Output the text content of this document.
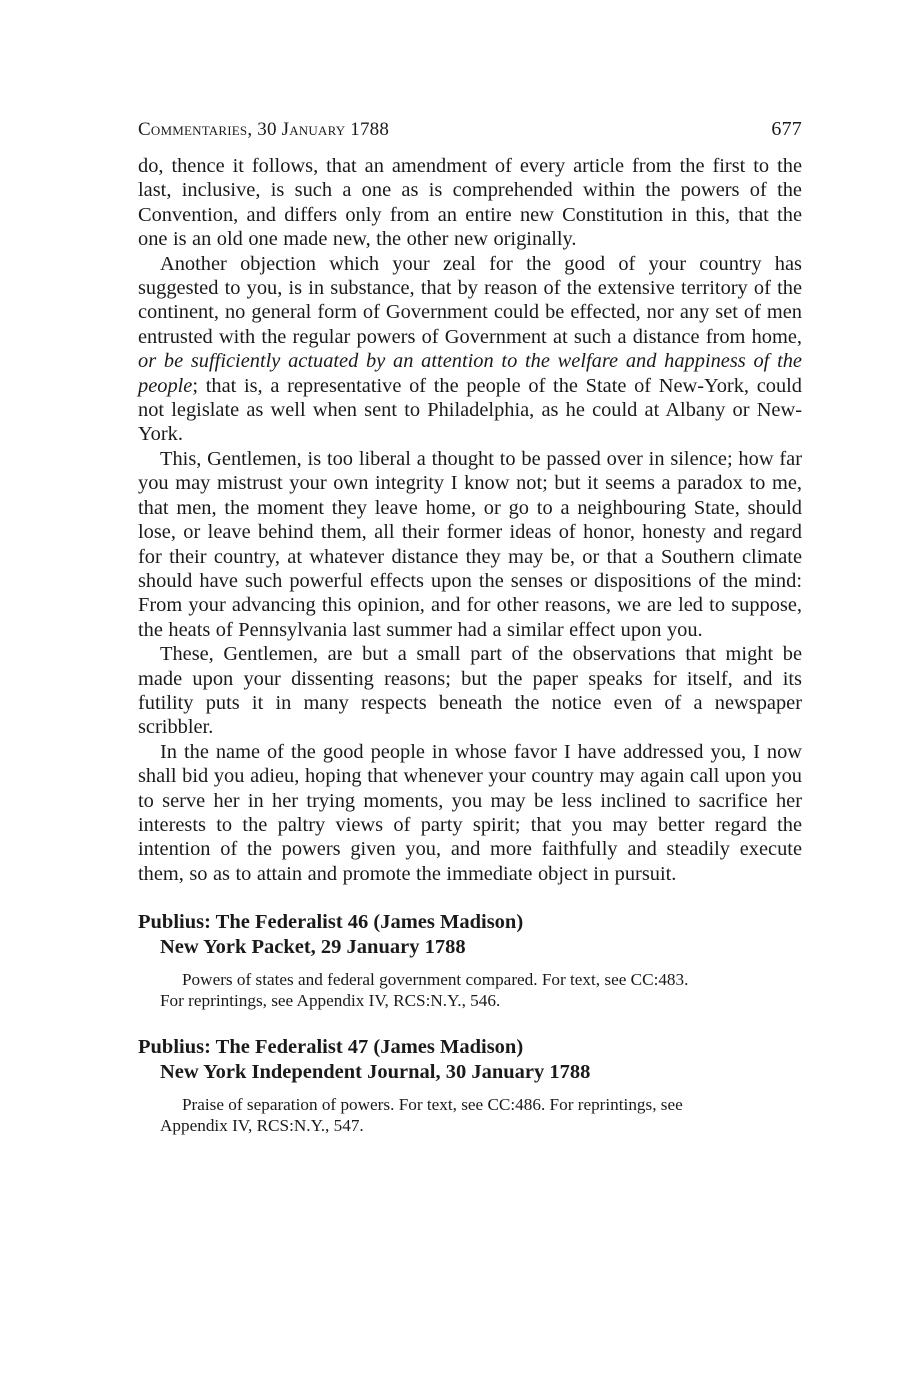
Commentaries, 30 January 1788	677

do, thence it follows, that an amendment of every article from the first to the last, inclusive, is such a one as is comprehended within the powers of the Convention, and differs only from an entire new Constitution in this, that the one is an old one made new, the other new originally.

Another objection which your zeal for the good of your country has suggested to you, is in substance, that by reason of the extensive territory of the continent, no general form of Government could be effected, nor any set of men entrusted with the regular powers of Government at such a distance from home, or be sufficiently actuated by an attention to the welfare and happiness of the people; that is, a representative of the people of the State of New-York, could not legislate as well when sent to Philadelphia, as he could at Albany or New-York.

This, Gentlemen, is too liberal a thought to be passed over in silence; how far you may mistrust your own integrity I know not; but it seems a paradox to me, that men, the moment they leave home, or go to a neighbouring State, should lose, or leave behind them, all their former ideas of honor, honesty and regard for their country, at whatever distance they may be, or that a Southern climate should have such powerful effects upon the senses or dispositions of the mind: From your advancing this opinion, and for other reasons, we are led to suppose, the heats of Pennsylvania last summer had a similar effect upon you.

These, Gentlemen, are but a small part of the observations that might be made upon your dissenting reasons; but the paper speaks for itself, and its futility puts it in many respects beneath the notice even of a newspaper scribbler.

In the name of the good people in whose favor I have addressed you, I now shall bid you adieu, hoping that whenever your country may again call upon you to serve her in her trying moments, you may be less inclined to sacrifice her interests to the paltry views of party spirit; that you may better regard the intention of the powers given you, and more faithfully and steadily execute them, so as to attain and promote the immediate object in pursuit.

Publius: The Federalist 46 (James Madison)
New York Packet, 29 January 1788
Powers of states and federal government compared. For text, see CC:483.
For reprintings, see Appendix IV, RCS:N.Y., 546.
Publius: The Federalist 47 (James Madison)
New York Independent Journal, 30 January 1788
Praise of separation of powers. For text, see CC:486. For reprintings, see
Appendix IV, RCS:N.Y., 547.
